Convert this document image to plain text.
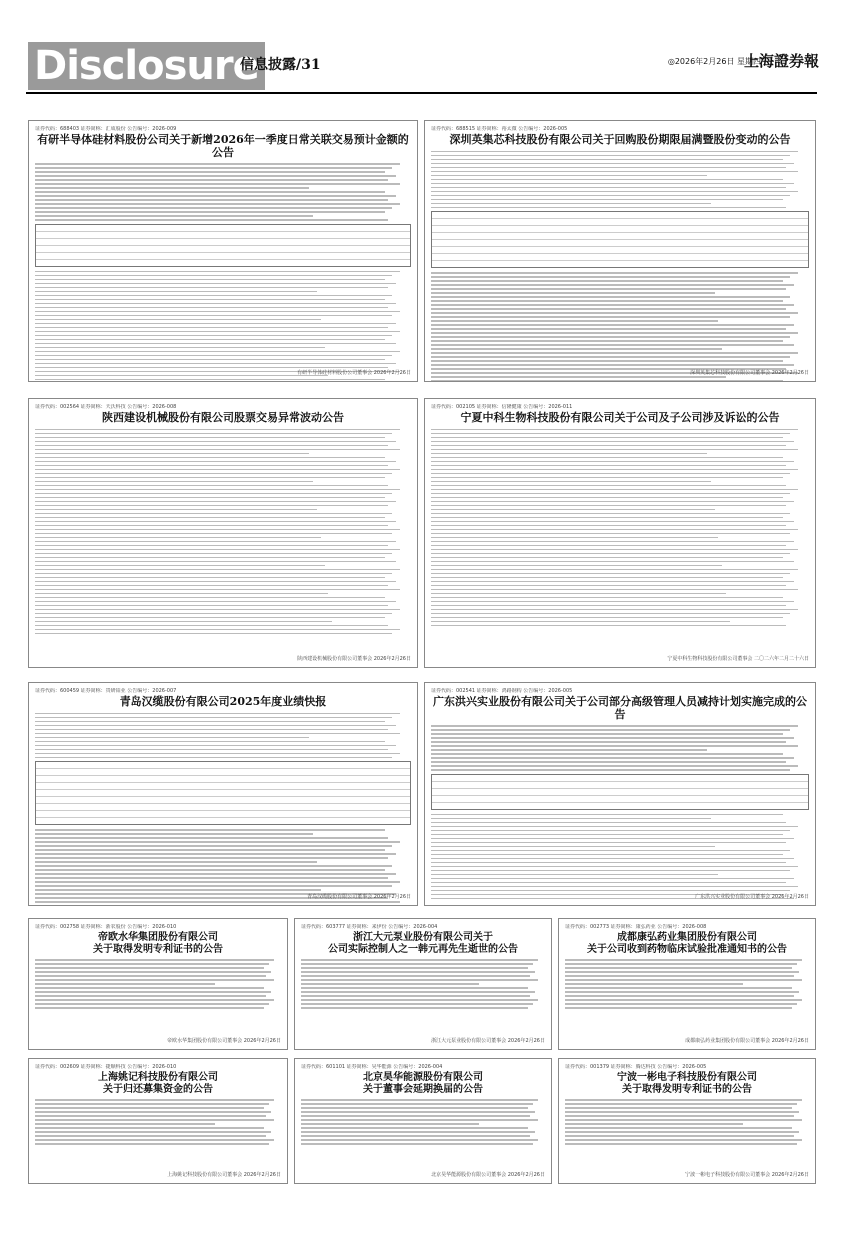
Disclosure
信息披露/31	◎2026年2月26日 星期四
上海證券報
证券代码：688403 证券简称：汇成股份 公告编号：2026-009
有研半导体硅材料股份公司关于新增2026年一季度日常关联交易预计金额的公告
有研半导体硅材料股份公司董事会 2026年2月26日
证券代码：688515 证券简称：裕太微 公告编号：2026-005
深圳英集芯科技股份有限公司关于回购股份期限届满暨股份变动的公告
深圳英集芯科技股份有限公司董事会 2026年2月26日
证券代码：002564 证券简称：天沃科技 公告编号：2026-008
陕西建设机械股份有限公司股票交易异常波动公告
陕西建设机械股份有限公司董事会 2026年2月26日
证券代码：002105 证券简称：信隆健康 公告编号：2026-011
宁夏中科生物科技股份有限公司关于公司及子公司涉及诉讼的公告
宁夏中科生物科技股份有限公司董事会 二〇二六年二月二十六日
证券代码：600459 证券简称：贵研铂业 公告编号：2026-007
青岛汉缆股份有限公司2025年度业绩快报
青岛汉缆股份有限公司董事会 2026年2月26日
证券代码：002541 证券简称：鸿路钢构 公告编号：2026-005
广东洪兴实业股份有限公司关于公司部分高级管理人员减持计划实施完成的公告
广东洪兴实业股份有限公司董事会 2026年2月26日
证券代码：002758 证券简称：浙农股份 公告编号：2026-010
帝欧水华集团股份有限公司
关于取得发明专利证书的公告
帝欧水华集团股份有限公司董事会 2026年2月26日
证券代码：603777 证券简称：来伊份 公告编号：2026-004
浙江大元泵业股份有限公司关于
公司实际控制人之一韩元再先生逝世的公告
浙江大元泵业股份有限公司董事会 2026年2月26日
证券代码：002773 证券简称：康弘药业 公告编号：2026-008
成都康弘药业集团股份有限公司
关于公司收到药物临床试验批准通知书的公告
成都康弘药业集团股份有限公司董事会 2026年2月26日
证券代码：002609 证券简称：捷顺科技 公告编号：2026-010
上海姚记科技股份有限公司
关于归还募集资金的公告
上海姚记科技股份有限公司董事会 2026年2月26日
证券代码：601101 证券简称：昊华能源 公告编号：2026-004
北京昊华能源股份有限公司
关于董事会延期换届的公告
北京昊华能源股份有限公司董事会 2026年2月26日
证券代码：001379 证券简称：腾达科技 公告编号：2026-005
宁波一彬电子科技股份有限公司
关于取得发明专利证书的公告
宁波一彬电子科技股份有限公司董事会 2026年2月26日
